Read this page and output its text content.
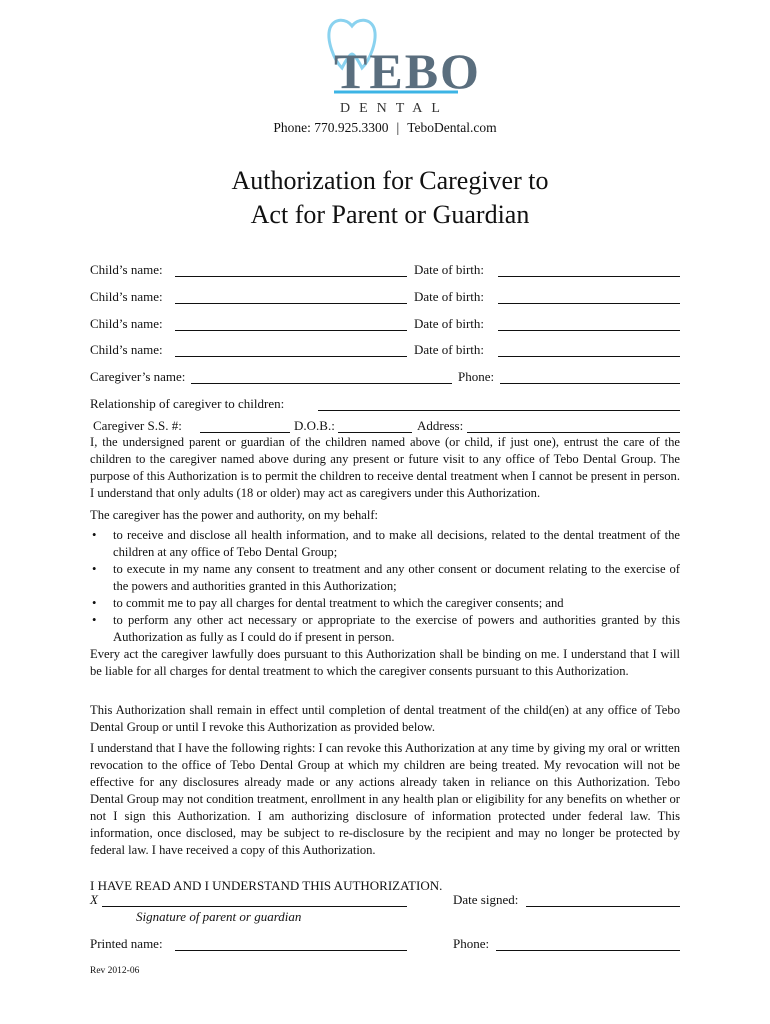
TEBO
DENTAL
Phone: 770.925.3300 | TeboDental.com
Authorization for Caregiver to
Act for Parent or Guardian
Child’s name:	Date of birth:
Child’s name:	Date of birth:
Child’s name:	Date of birth:
Child’s name:	Date of birth:
Caregiver’s name:	Phone:
Relationship of caregiver to children:
Caregiver S.S. #:	D.O.B.:	Address:
I, the undersigned parent or guardian of the children named above (or child, if just one), entrust the care of the children to the caregiver named above during any present or future visit to any office of Tebo Dental Group. The purpose of this Authorization is to permit the children to receive dental treatment when I cannot be present in person. I understand that only adults (18 or older) may act as caregivers under this Authorization.
The caregiver has the power and authority, on my behalf:
• to receive and disclose all health information, and to make all decisions, related to the dental treatment of the children at any office of Tebo Dental Group;
• to execute in my name any consent to treatment and any other consent or document relating to the exercise of the powers and authorities granted in this Authorization;
• to commit me to pay all charges for dental treatment to which the caregiver consents; and
• to perform any other act necessary or appropriate to the exercise of powers and authorities granted by this Authorization as fully as I could do if present in person.
Every act the caregiver lawfully does pursuant to this Authorization shall be binding on me. I understand that I will be liable for all charges for dental treatment to which the caregiver consents pursuant to this Authorization.
This Authorization shall remain in effect until completion of dental treatment of the child(en) at any office of Tebo Dental Group or until I revoke this Authorization as provided below.
I understand that I have the following rights: I can revoke this Authorization at any time by giving my oral or written revocation to the office of Tebo Dental Group at which my children are being treated. My revocation will not be effective for any disclosures already made or any actions already taken in reliance on this Authorization. Tebo Dental Group may not condition treatment, enrollment in any health plan or eligibility for any benefits on whether or not I sign this Authorization. I am authorizing disclosure of information protected under federal law. This information, once disclosed, may be subject to re-disclosure by the recipient and may no longer be protected by federal law. I have received a copy of this Authorization.
I HAVE READ AND I UNDERSTAND THIS AUTHORIZATION.
X	Date signed:
Signature of parent or guardian
Printed name:	Phone:
Rev 2012-06
